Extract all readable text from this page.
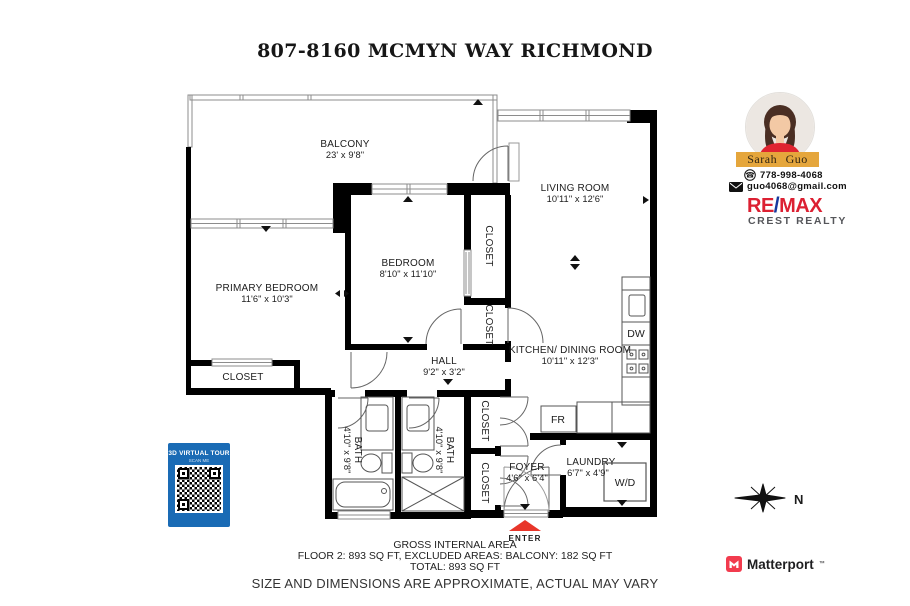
807-8160 MCMYN WAY RICHMOND
BALCONY
23' x 9'8"
LIVING ROOM
10'11" x 12'6"
PRIMARY BEDROOM
11'6" x 10'3"
BEDROOM
8'10" x 11'10"
KITCHEN/ DINING ROOM
10'11" x 12'3"
HALL
9'2" x 3'2"
FOYER
4'6" x 6'4"
LAUNDRY
6'7" x 4'9"
CLOSET
CLOSET
CLOSET
CLOSET
CLOSET
BATH
4'10" x 9'8"	BATH
4'10" x 9'8"
DW
FR
W/D
ENTER
N
Sarah Guo
☎ 778-998-4068
guo4068@gmail.com
RE/MAX
CREST REALTY
3D VIRTUAL TOUR
SCAN ME
GROSS INTERNAL AREA
FLOOR 2: 893 SQ FT, EXCLUDED AREAS: BALCONY: 182 SQ FT
TOTAL: 893 SQ FT
SIZE AND DIMENSIONS ARE APPROXIMATE, ACTUAL MAY VARY
Matterport ™
